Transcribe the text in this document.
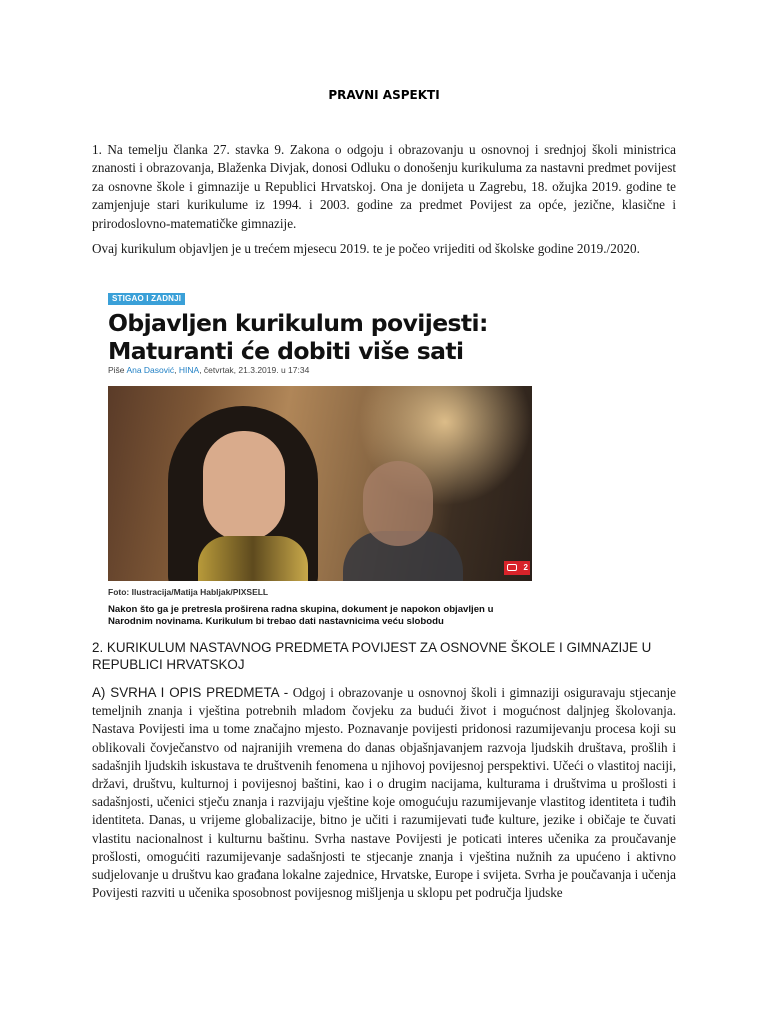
PRAVNI ASPEKTI

1. Na temelju članka 27. stavka 9. Zakona o odgoju i obrazovanju u osnovnoj i srednjoj školi ministrica znanosti i obrazovanja, Blaženka Divjak, donosi Odluku o donošenju kurikuluma za nastavni predmet povijest za osnovne škole i gimnazije u Republici Hrvatskoj. Ona je donijeta u Zagrebu, 18. ožujka 2019. godine te zamjenjuje stari kurikulume iz 1994. i 2003. godine za predmet Povijest za opće, jezične, klasične i prirodoslovno-matematičke gimnazije.

Ovaj kurikulum objavljen je u trećem mjesecu 2019. te je počeo vrijediti od školske godine 2019./2020.

STIGAO I ZADNJI
Objavljen kurikulum povijesti:
Maturanti će dobiti više sati
Piše Ana Dasović, HINA, četvrtak, 21.3.2019. u 17:34
2
Foto: Ilustracija/Matija Habljak/PIXSELL
Nakon što ga je pretresla proširena radna skupina, dokument je napokon objavljen u Narodnim novinama. Kurikulum bi trebao dati nastavnicima veću slobodu

2. KURIKULUM NASTAVNOG PREDMETA POVIJEST ZA OSNOVNE ŠKOLE I GIMNAZIJE U REPUBLICI HRVATSKOJ

A) SVRHA I OPIS PREDMETA - Odgoj i obrazovanje u osnovnoj školi i gimnaziji osiguravaju stjecanje temeljnih znanja i vještina potrebnih mladom čovjeku za budući život i mogućnost daljnjeg školovanja. Nastava Povijesti ima u tome značajno mjesto. Poznavanje povijesti pridonosi razumijevanju procesa koji su oblikovali čovječanstvo od najranijih vremena do danas objašnjavanjem razvoja ljudskih društava, prošlih i sadašnjih ljudskih iskustava te društvenih fenomena u njihovoj povijesnoj perspektivi. Učeći o vlastitoj naciji, državi, društvu, kulturnoj i povijesnoj baštini, kao i o drugim nacijama, kulturama i društvima u prošlosti i sadašnjosti, učenici stječu znanja i razvijaju vještine koje omogućuju razumijevanje vlastitog identiteta i tuđih identiteta. Danas, u vrijeme globalizacije, bitno je učiti i razumijevati tuđe kulture, jezike i običaje te čuvati vlastitu nacionalnost i kulturnu baštinu. Svrha nastave Povijesti je poticati interes učenika za proučavanje prošlosti, omogućiti razumijevanje sadašnjosti te stjecanje znanja i vještina nužnih za upućeno i aktivno sudjelovanje u društvu kao građana lokalne zajednice, Hrvatske, Europe i svijeta. Svrha je poučavanja i učenja Povijesti razviti u učenika sposobnost povijesnog mišljenja u sklopu pet područja ljudske
